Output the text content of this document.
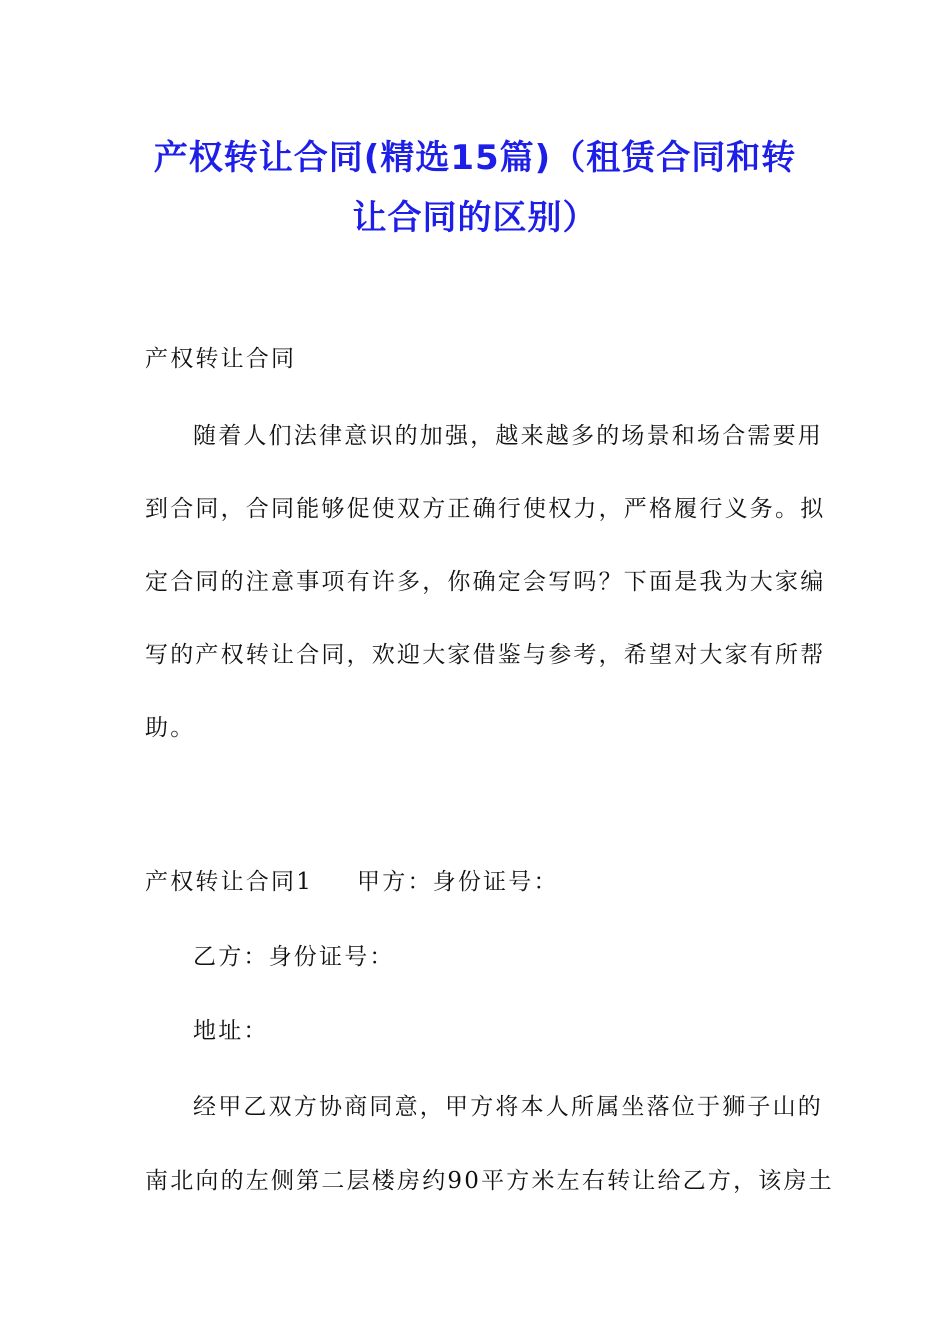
产权转让合同(精选15篇)（租赁合同和转
让合同的区别）

产权转让合同

随着人们法律意识的加强，越来越多的场景和场合需要用

到合同，合同能够促使双方正确行使权力，严格履行义务。拟

定合同的注意事项有许多，你确定会写吗？下面是我为大家编

写的产权转让合同，欢迎大家借鉴与参考，希望对大家有所帮

助。

产权转让合同1 甲方：身份证号：

乙方：身份证号：

地址：

经甲乙双方协商同意，甲方将本人所属坐落位于狮子山的

南北向的左侧第二层楼房约90平方米左右转让给乙方，该房土
